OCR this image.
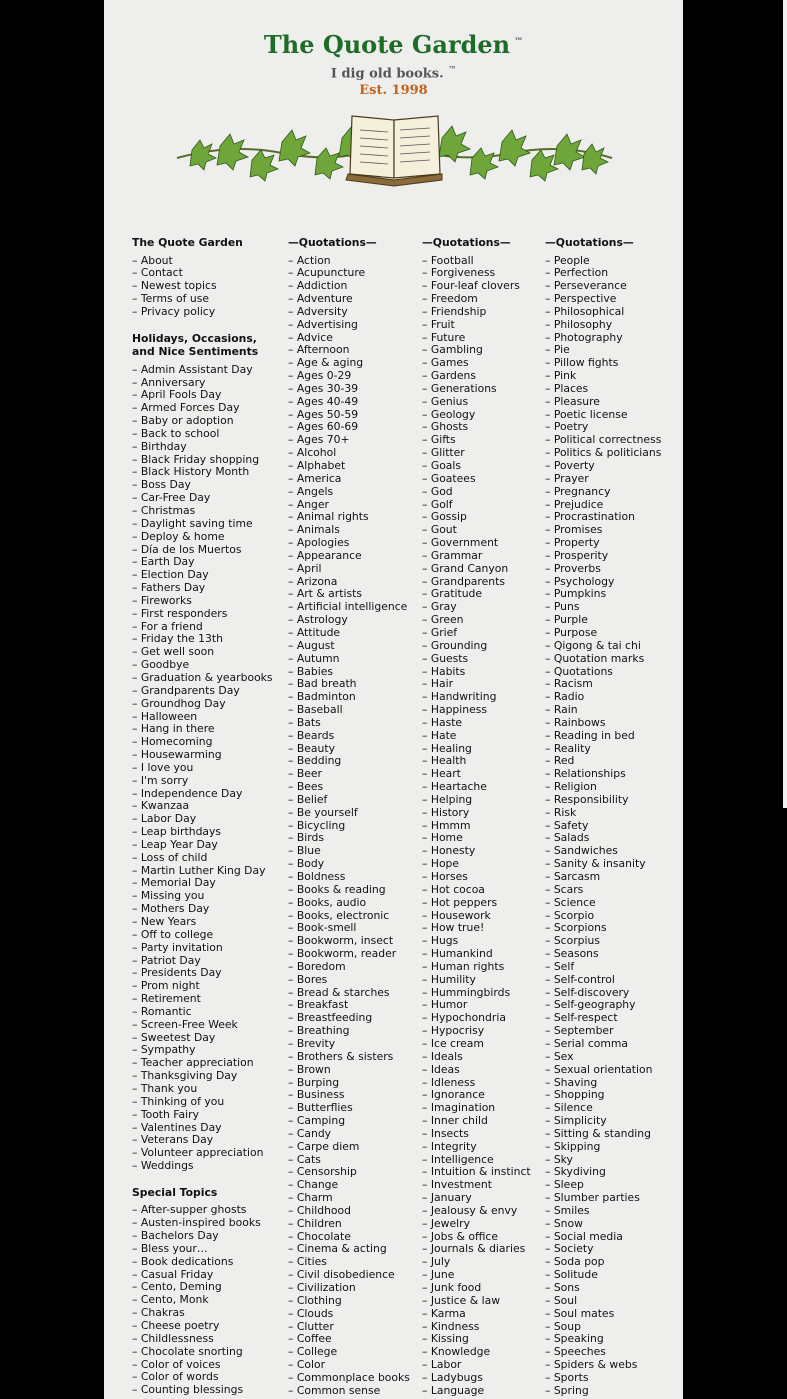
The Quote Garden ™
I dig old books. ™
Est. 1998
The Quote Garden
– About
– Contact
– Newest topics
– Terms of use
– Privacy policy
Holidays, Occasions, and Nice Sentiments
– Admin Assistant Day
– Anniversary
– April Fools Day
– Armed Forces Day
– Baby or adoption
– Back to school
– Birthday
– Black Friday shopping
– Black History Month
– Boss Day
– Car-Free Day
– Christmas
– Daylight saving time
– Deploy & home
– Día de los Muertos
– Earth Day
– Election Day
– Fathers Day
– Fireworks
– First responders
– For a friend
– Friday the 13th
– Get well soon
– Goodbye
– Graduation & yearbooks
– Grandparents Day
– Groundhog Day
– Halloween
– Hang in there
– Homecoming
– Housewarming
– I love you
– I'm sorry
– Independence Day
– Kwanzaa
– Labor Day
– Leap birthdays
– Leap Year Day
– Loss of child
– Martin Luther King Day
– Memorial Day
– Missing you
– Mothers Day
– New Years
– Off to college
– Party invitation
– Patriot Day
– Presidents Day
– Prom night
– Retirement
– Romantic
– Screen-Free Week
– Sweetest Day
– Sympathy
– Teacher appreciation
– Thanksgiving Day
– Thank you
– Thinking of you
– Tooth Fairy
– Valentines Day
– Veterans Day
– Volunteer appreciation
– Weddings
Special Topics
– After-supper ghosts
– Austen-inspired books
– Bachelors Day
– Bless your…
– Book dedications
– Casual Friday
– Cento, Deming
– Cento, Monk
– Chakras
– Cheese poetry
– Childlessness
– Chocolate snorting
– Color of voices
– Color of words
– Counting blessings
—Quotations—
– Action
– Acupuncture
– Addiction
– Adventure
– Adversity
– Advertising
– Advice
– Afternoon
– Age & aging
– Ages 0-29
– Ages 30-39
– Ages 40-49
– Ages 50-59
– Ages 60-69
– Ages 70+
– Alcohol
– Alphabet
– America
– Angels
– Anger
– Animal rights
– Animals
– Apologies
– Appearance
– April
– Arizona
– Art & artists
– Artificial intelligence
– Astrology
– Attitude
– August
– Autumn
– Babies
– Bad breath
– Badminton
– Baseball
– Bats
– Beards
– Beauty
– Bedding
– Beer
– Bees
– Belief
– Be yourself
– Bicycling
– Birds
– Blue
– Body
– Boldness
– Books & reading
– Books, audio
– Books, electronic
– Book-smell
– Bookworm, insect
– Bookworm, reader
– Boredom
– Bores
– Bread & starches
– Breakfast
– Breastfeeding
– Breathing
– Brevity
– Brothers & sisters
– Brown
– Burping
– Business
– Butterflies
– Camping
– Candy
– Carpe diem
– Cats
– Censorship
– Change
– Charm
– Childhood
– Children
– Chocolate
– Cinema & acting
– Cities
– Civil disobedience
– Civilization
– Clothing
– Clouds
– Clutter
– Coffee
– College
– Color
– Commonplace books
– Common sense
—Quotations—
– Football
– Forgiveness
– Four-leaf clovers
– Freedom
– Friendship
– Fruit
– Future
– Gambling
– Games
– Gardens
– Generations
– Genius
– Geology
– Ghosts
– Gifts
– Glitter
– Goals
– Goatees
– God
– Golf
– Gossip
– Gout
– Government
– Grammar
– Grand Canyon
– Grandparents
– Gratitude
– Gray
– Green
– Grief
– Grounding
– Guests
– Habits
– Hair
– Handwriting
– Happiness
– Haste
– Hate
– Healing
– Health
– Heart
– Heartache
– Helping
– History
– Hmmm
– Home
– Honesty
– Hope
– Horses
– Hot cocoa
– Hot peppers
– Housework
– How true!
– Hugs
– Humankind
– Human rights
– Humility
– Hummingbirds
– Humor
– Hypochondria
– Hypocrisy
– Ice cream
– Ideals
– Ideas
– Idleness
– Ignorance
– Imagination
– Inner child
– Insects
– Integrity
– Intelligence
– Intuition & instinct
– Investment
– January
– Jealousy & envy
– Jewelry
– Jobs & office
– Journals & diaries
– July
– June
– Junk food
– Justice & law
– Karma
– Kindness
– Kissing
– Knowledge
– Labor
– Ladybugs
– Language
—Quotations—
– People
– Perfection
– Perseverance
– Perspective
– Philosophical
– Philosophy
– Photography
– Pie
– Pillow fights
– Pink
– Places
– Pleasure
– Poetic license
– Poetry
– Political correctness
– Politics & politicians
– Poverty
– Prayer
– Pregnancy
– Prejudice
– Procrastination
– Promises
– Property
– Prosperity
– Proverbs
– Psychology
– Pumpkins
– Puns
– Purple
– Purpose
– Qigong & tai chi
– Quotation marks
– Quotations
– Racism
– Radio
– Rain
– Rainbows
– Reading in bed
– Reality
– Red
– Relationships
– Religion
– Responsibility
– Risk
– Safety
– Salads
– Sandwiches
– Sanity & insanity
– Sarcasm
– Scars
– Science
– Scorpio
– Scorpions
– Scorpius
– Seasons
– Self
– Self-control
– Self-discovery
– Self-geography
– Self-respect
– September
– Serial comma
– Sex
– Sexual orientation
– Shaving
– Shopping
– Silence
– Simplicity
– Sitting & standing
– Skipping
– Sky
– Skydiving
– Sleep
– Slumber parties
– Smiles
– Snow
– Social media
– Society
– Soda pop
– Solitude
– Sons
– Soul
– Soul mates
– Soup
– Speaking
– Speeches
– Spiders & webs
– Sports
– Spring
